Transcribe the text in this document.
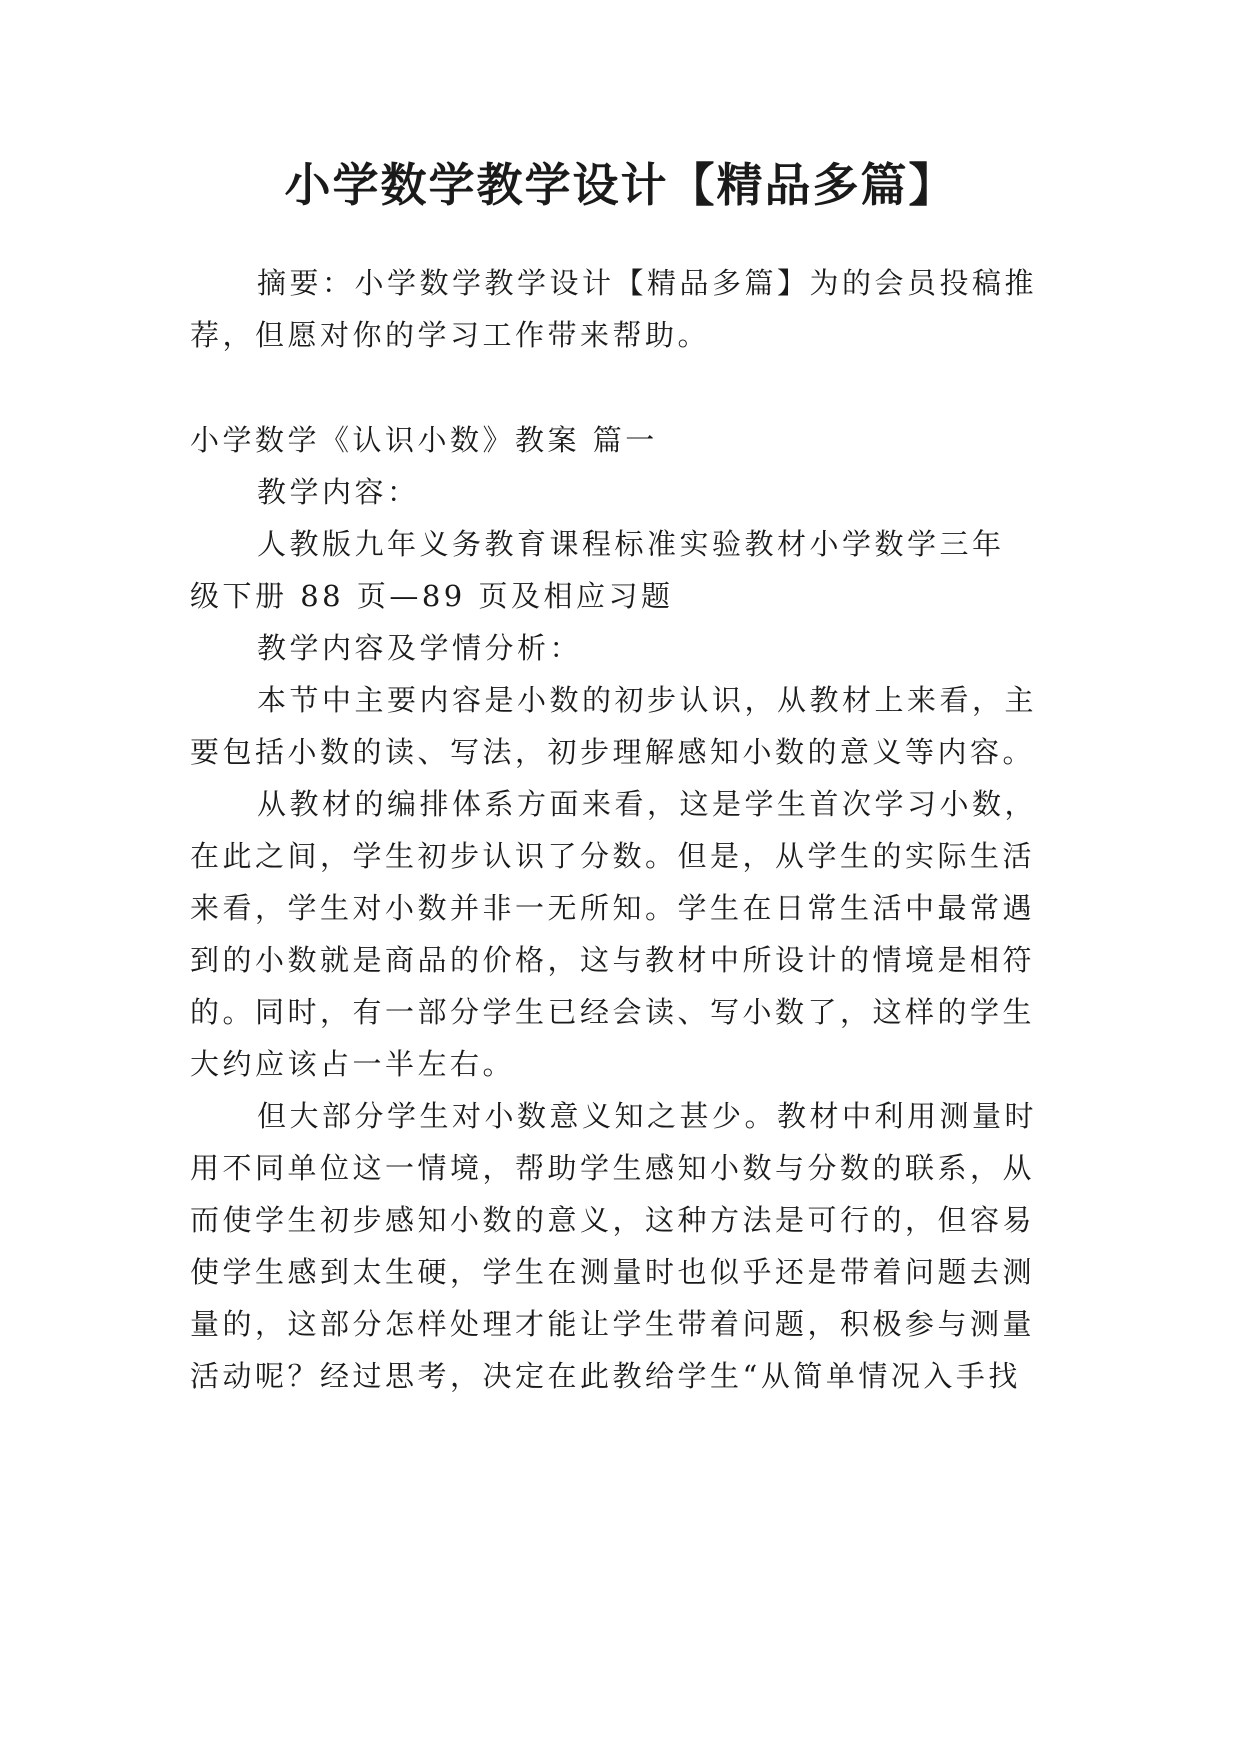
小学数学教学设计【精品多篇】
摘要：小学数学教学设计【精品多篇】为的会员投稿推
荐，但愿对你的学习工作带来帮助。
小学数学《认识小数》教案 篇一
教学内容：
人教版九年义务教育课程标准实验教材小学数学三年
级下册 88 页—89 页及相应习题
教学内容及学情分析：
本节中主要内容是小数的初步认识，从教材上来看，主
要包括小数的读、写法，初步理解感知小数的意义等内容。
从教材的编排体系方面来看，这是学生首次学习小数，
在此之间，学生初步认识了分数。但是，从学生的实际生活
来看，学生对小数并非一无所知。学生在日常生活中最常遇
到的小数就是商品的价格，这与教材中所设计的情境是相符
的。同时，有一部分学生已经会读、写小数了，这样的学生
大约应该占一半左右。
但大部分学生对小数意义知之甚少。教材中利用测量时
用不同单位这一情境，帮助学生感知小数与分数的联系，从
而使学生初步感知小数的意义，这种方法是可行的，但容易
使学生感到太生硬，学生在测量时也似乎还是带着问题去测
量的，这部分怎样处理才能让学生带着问题，积极参与测量
活动呢？经过思考，决定在此教给学生“从简单情况入手找
